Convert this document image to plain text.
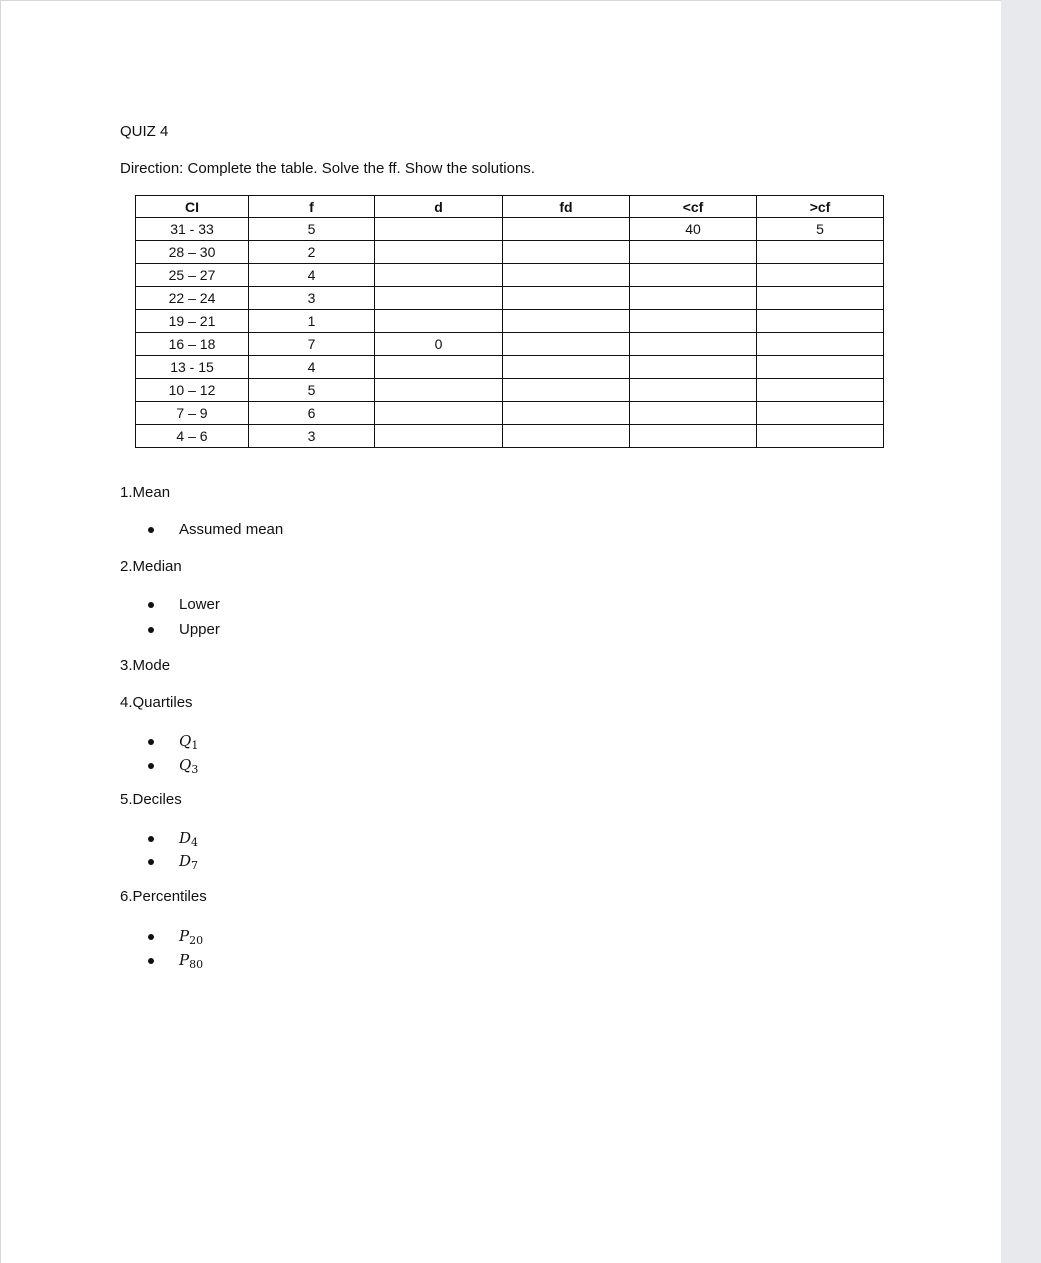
QUIZ 4
Direction: Complete the table. Solve the ff. Show the solutions.
CI	f	d	fd	<cf	>cf
31 - 33	5			40	5
28 – 30	2				
25 – 27	4				
22 – 24	3				
19 – 21	1				
16 – 18	7	0			
13 - 15	4				
10 – 12	5				
7 – 9	6				
4 – 6	3				
1.Mean
Assumed mean
2.Median
Lower
Upper
3.Mode
4.Quartiles
$Q_1$
$Q_3$
5.Deciles
$D_4$
$D_7$
6.Percentiles
$P_{20}$
$P_{80}$
